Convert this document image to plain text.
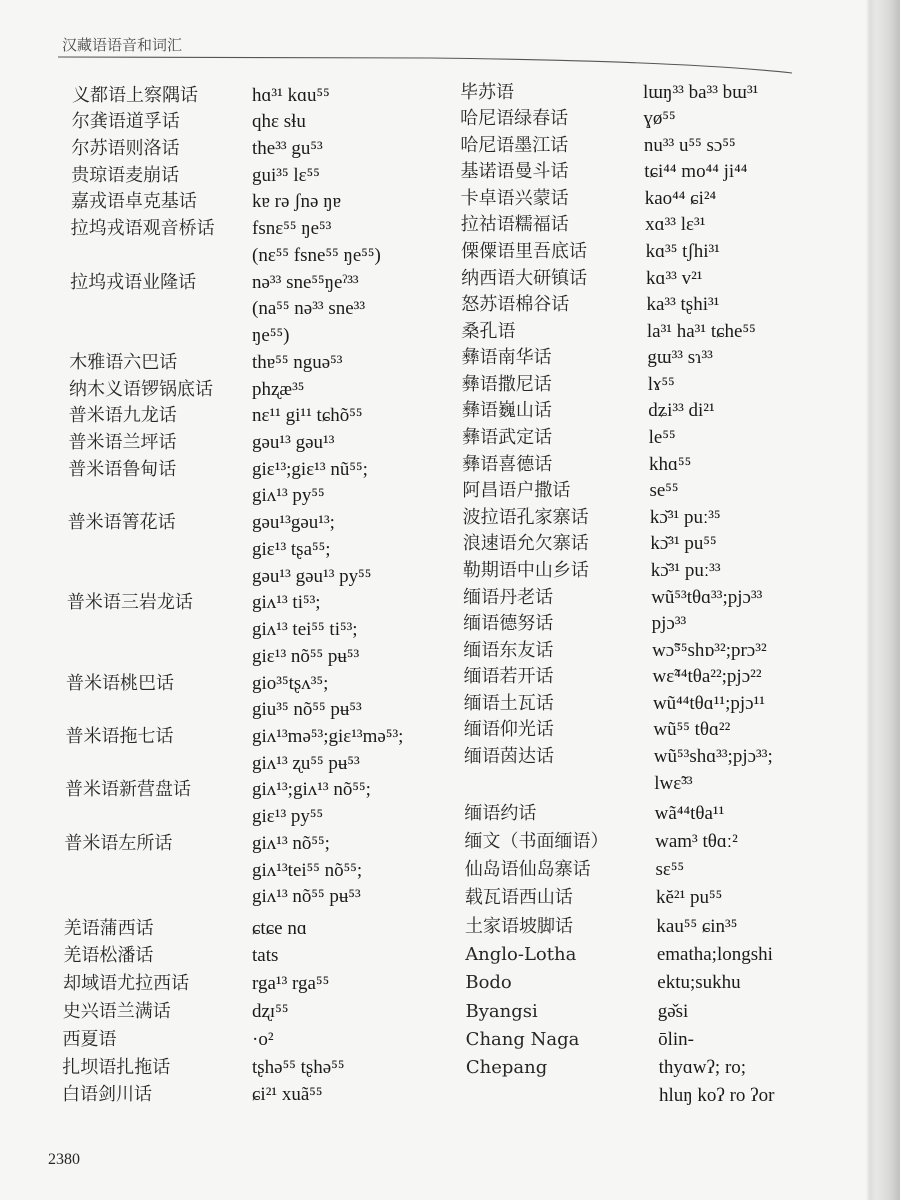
汉藏语语音和词汇
义都语上察隅话	hɑ³¹ kɑu⁵⁵
尔龚语道孚话	qhɛ sɬu
尔苏语则洛话	the³³ gu⁵³
贵琼语麦崩话	gui³⁵ lɛ⁵⁵
嘉戎语卓克基话	kɐ rə ʃnə ŋɐ
拉坞戎语观音桥话 fsnɛ⁵⁵ ŋe⁵³
(nɛ⁵⁵ fsne⁵⁵ ŋe⁵⁵)
拉坞戎语业隆话	nə³³ sne⁵⁵ŋeˀ³³
(na⁵⁵ nə³³ sne³³
ŋe⁵⁵)
木雅语六巴话	thɐ⁵⁵ nguə⁵³
纳木义语锣锅底话 phʐæ³⁵
普米语九龙话	nɛ¹¹ gi¹¹ tɕhõ⁵⁵
普米语兰坪话	gəu¹³ gəu¹³
普米语鲁甸话	giɛ¹³;giɛ¹³ nũ⁵⁵;
giʌ¹³ py⁵⁵
普米语箐花话	gəu¹³gəu¹³;
giɛ¹³ tʂa⁵⁵;
gəu¹³ gəu¹³ py⁵⁵
普米语三岩龙话	giʌ¹³ ti⁵³;
giʌ¹³ tei⁵⁵ ti⁵³;
giɛ¹³ nõ⁵⁵ pʉ⁵³
普米语桃巴话	gio³⁵tʂʌ³⁵;
giu³⁵ nõ⁵⁵ pʉ⁵³
普米语拖七话	giʌ¹³mə⁵³;giɛ¹³mə⁵³;
giʌ¹³ ʐu⁵⁵ pʉ⁵³
普米语新营盘话	giʌ¹³;giʌ¹³ nõ⁵⁵;
giɛ¹³ py⁵⁵
普米语左所话	giʌ¹³ nõ⁵⁵;
giʌ¹³tei⁵⁵ nõ⁵⁵;
giʌ¹³ nõ⁵⁵ pʉ⁵³
羌语蒲西话	ɕtɕe nɑ
羌语松潘话	tats
却域语尤拉西话	rga¹³ rga⁵⁵
史兴语兰满话	dʐɪ⁵⁵
西夏语	·o²
扎坝语扎拖话	tʂhə⁵⁵ tʂhə⁵⁵
白语剑川话	ɕi²¹ xuã⁵⁵
毕苏语	lɯŋ³³ ba³³ bɯ³¹
哈尼语绿春话	ɣø⁵⁵
哈尼语墨江话	nu³³ u⁵⁵ sɔ⁵⁵
基诺语曼斗话	tɕi⁴⁴ mo⁴⁴ ji⁴⁴
卡卓语兴蒙话	kao⁴⁴ ɕi²⁴
拉祜语糯福话	xɑ³³ lɛ³¹
傈僳语里吾底话	kɑ³⁵ tʃhi³¹
纳西语大研镇话	kɑ³³ v²¹
怒苏语棉谷话	ka³³ tʂhi³¹
桑孔语	la³¹ ha³¹ tɕhe⁵⁵
彝语南华话	gɯ³³ sɿ³³
彝语撒尼话	lɤ⁵⁵
彝语巍山话	dʑi³³ di²¹
彝语武定话	le⁵⁵
彝语喜德话	khɑ⁵⁵
阿昌语户撒话	se⁵⁵
波拉语孔家寨话	kɔ̆³¹ puː³⁵
浪速语允欠寨话	kɔ̆³¹ pu⁵⁵
勒期语中山乡话	kɔ̆³¹ puː³³
缅语丹老话	wũ⁵³tθɑ³³;pjɔ³³
缅语德努话	pjɔ³³
缅语东友话	wɔ̃⁵⁵shɒ³²;prɔ³²
缅语若开话	wɛ̃⁴⁴tθa²²;pjɔ²²
缅语土瓦话	wũ⁴⁴tθɑ¹¹;pjɔ¹¹
缅语仰光话	wũ⁵⁵ tθɑ²²
缅语茵达话	wũ⁵³shɑ³³;pjɔ³³;
lwɛ̃³³
缅语约话	wã⁴⁴tθa¹¹
缅文（书面缅语） wam³ tθɑː²
仙岛语仙岛寨话	sɛ⁵⁵
载瓦语西山话	kĕ²¹ pu⁵⁵
土家语坡脚话	kau⁵⁵ ɕin³⁵
Anglo-Lotha	ematha;longshi
Bodo	ektu;sukhu
Byangsi	gə̌si
Chang Naga	ōlin-
Chepang	thyɑwʔ; ro;
hluŋ koʔ ro ʔor
2380
